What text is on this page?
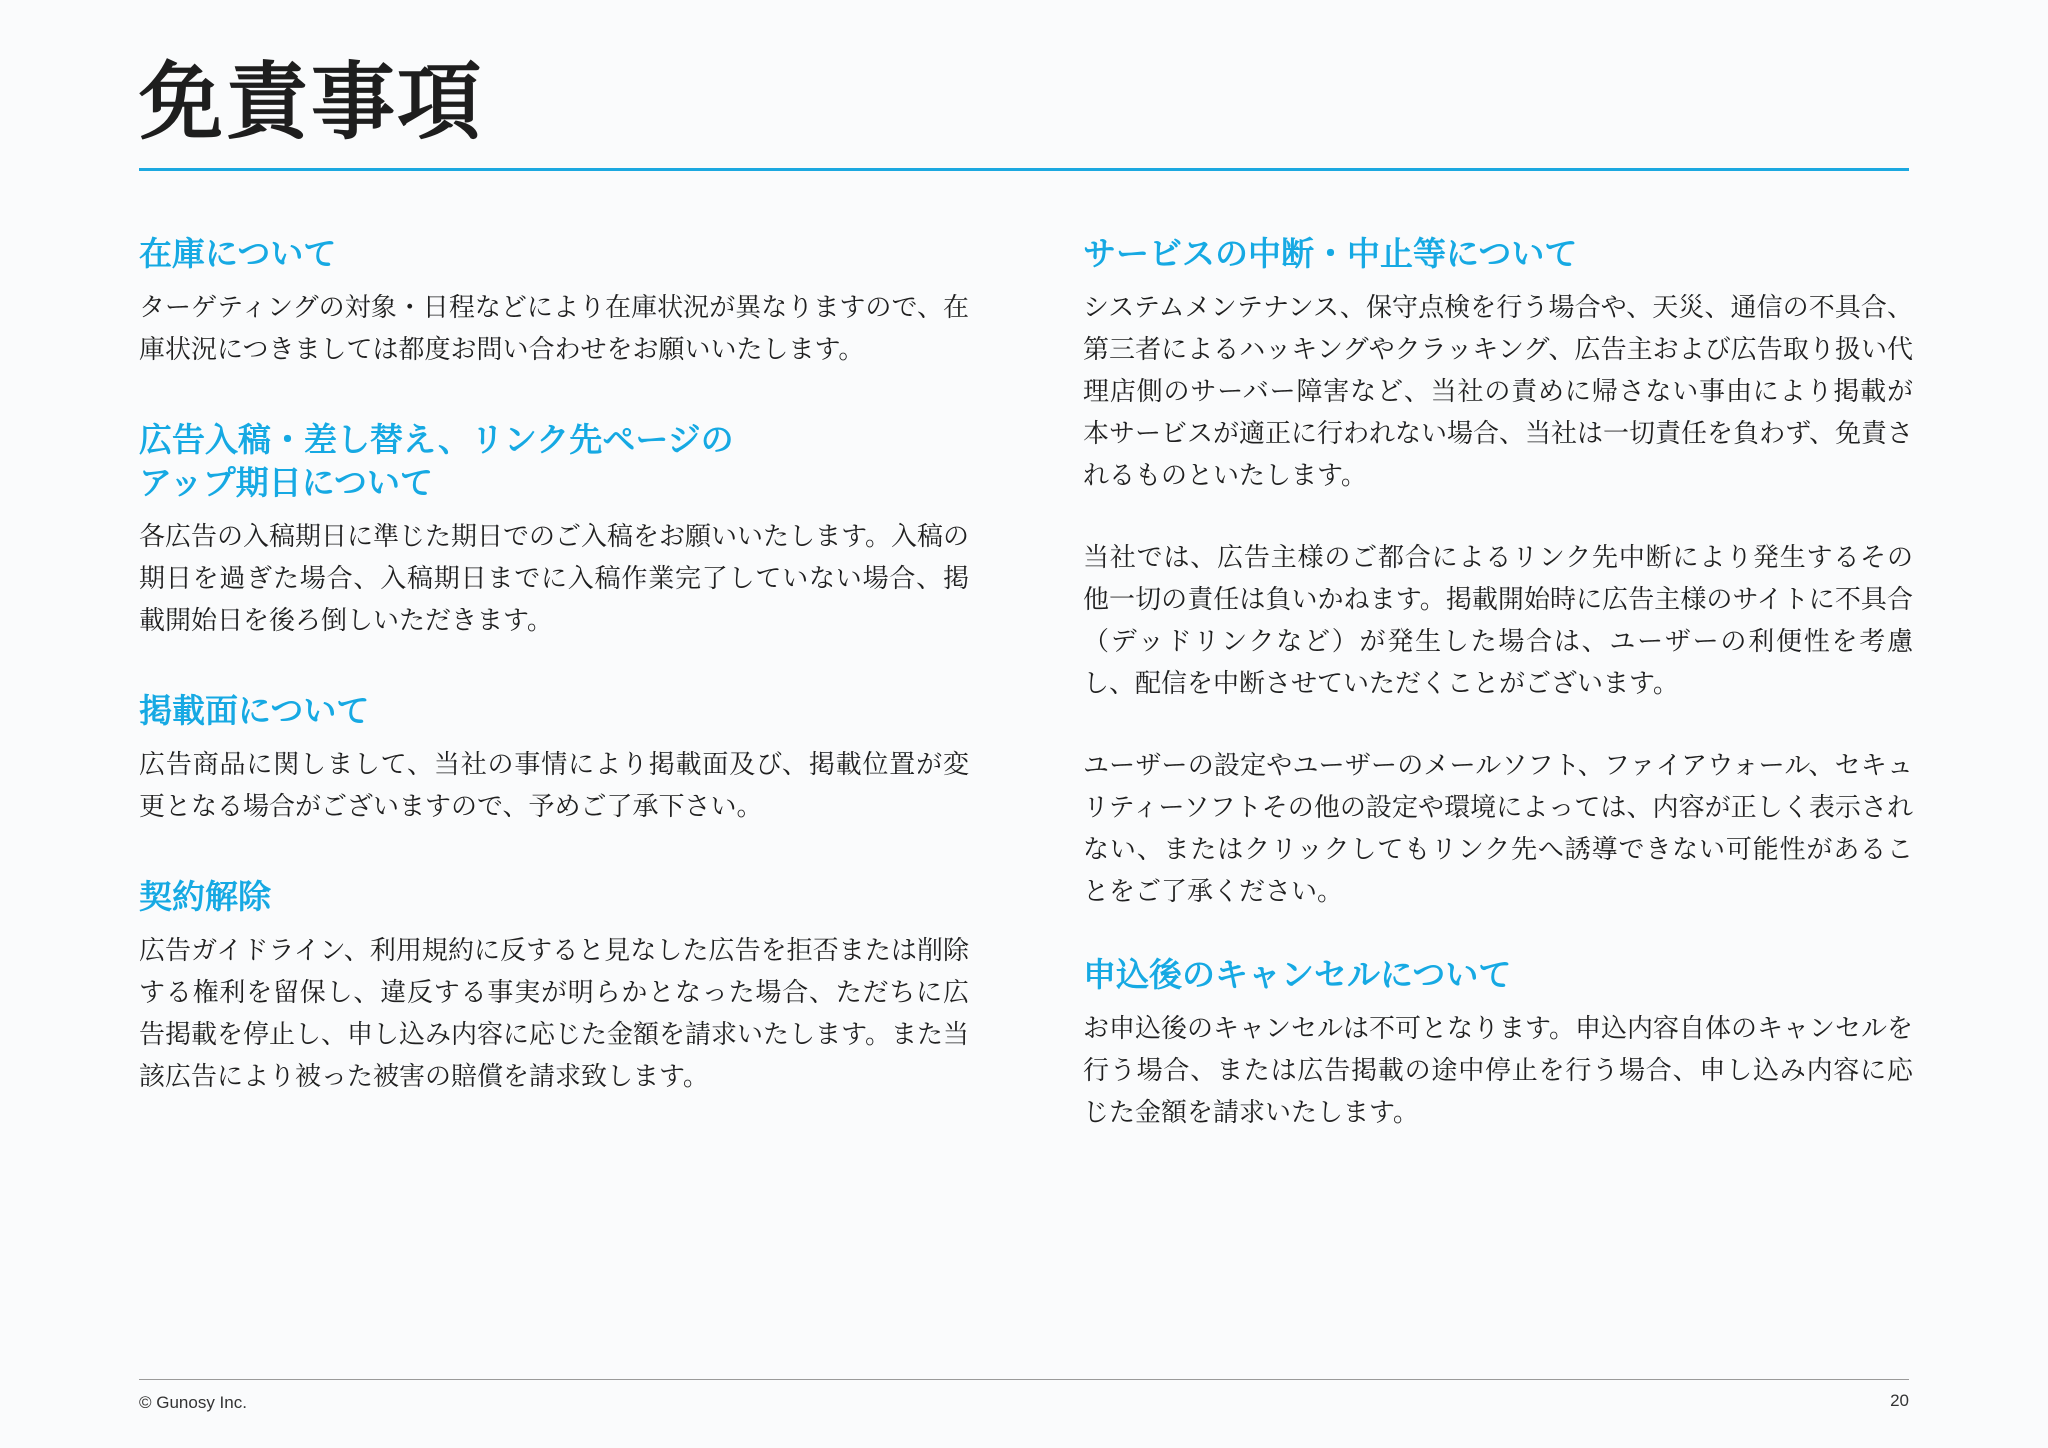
免責事項
在庫について

ターゲティングの対象・日程などにより在庫状況が異なりますので、在庫状況につきましては都度お問い合わせをお願いいたします。

広告入稿・差し替え、リンク先ページの
アップ期日について

各広告の入稿期日に準じた期日でのご入稿をお願いいたします。入稿の期日を過ぎた場合、入稿期日までに入稿作業完了していない場合、掲載開始日を後ろ倒しいただきます。

掲載面について

広告商品に関しまして、当社の事情により掲載面及び、掲載位置が変更となる場合がございますので、予めご了承下さい。

契約解除

広告ガイドライン、利用規約に反すると見なした広告を拒否または削除する権利を留保し、違反する事実が明らかとなった場合、ただちに広告掲載を停止し、申し込み内容に応じた金額を請求いたします。また当該広告により被った被害の賠償を請求致します。

サービスの中断・中止等について

システムメンテナンス、保守点検を行う場合や、天災、通信の不具合、第三者によるハッキングやクラッキング、広告主および広告取り扱い代理店側のサーバー障害など、当社の責めに帰さない事由により掲載が本サービスが適正に行われない場合、当社は一切責任を負わず、免責されるものといたします。

当社では、広告主様のご都合によるリンク先中断により発生するその他一切の責任は負いかねます。掲載開始時に広告主様のサイトに不具合（デッドリンクなど）が発生した場合は、ユーザーの利便性を考慮し、配信を中断させていただくことがございます。

ユーザーの設定やユーザーのメールソフト、ファイアウォール、セキュリティーソフトその他の設定や環境によっては、内容が正しく表示されない、またはクリックしてもリンク先へ誘導できない可能性があることをご了承ください。

申込後のキャンセルについて

お申込後のキャンセルは不可となります。申込内容自体のキャンセルを行う場合、または広告掲載の途中停止を行う場合、申し込み内容に応じた金額を請求いたします。

© Gunosy Inc.	20
